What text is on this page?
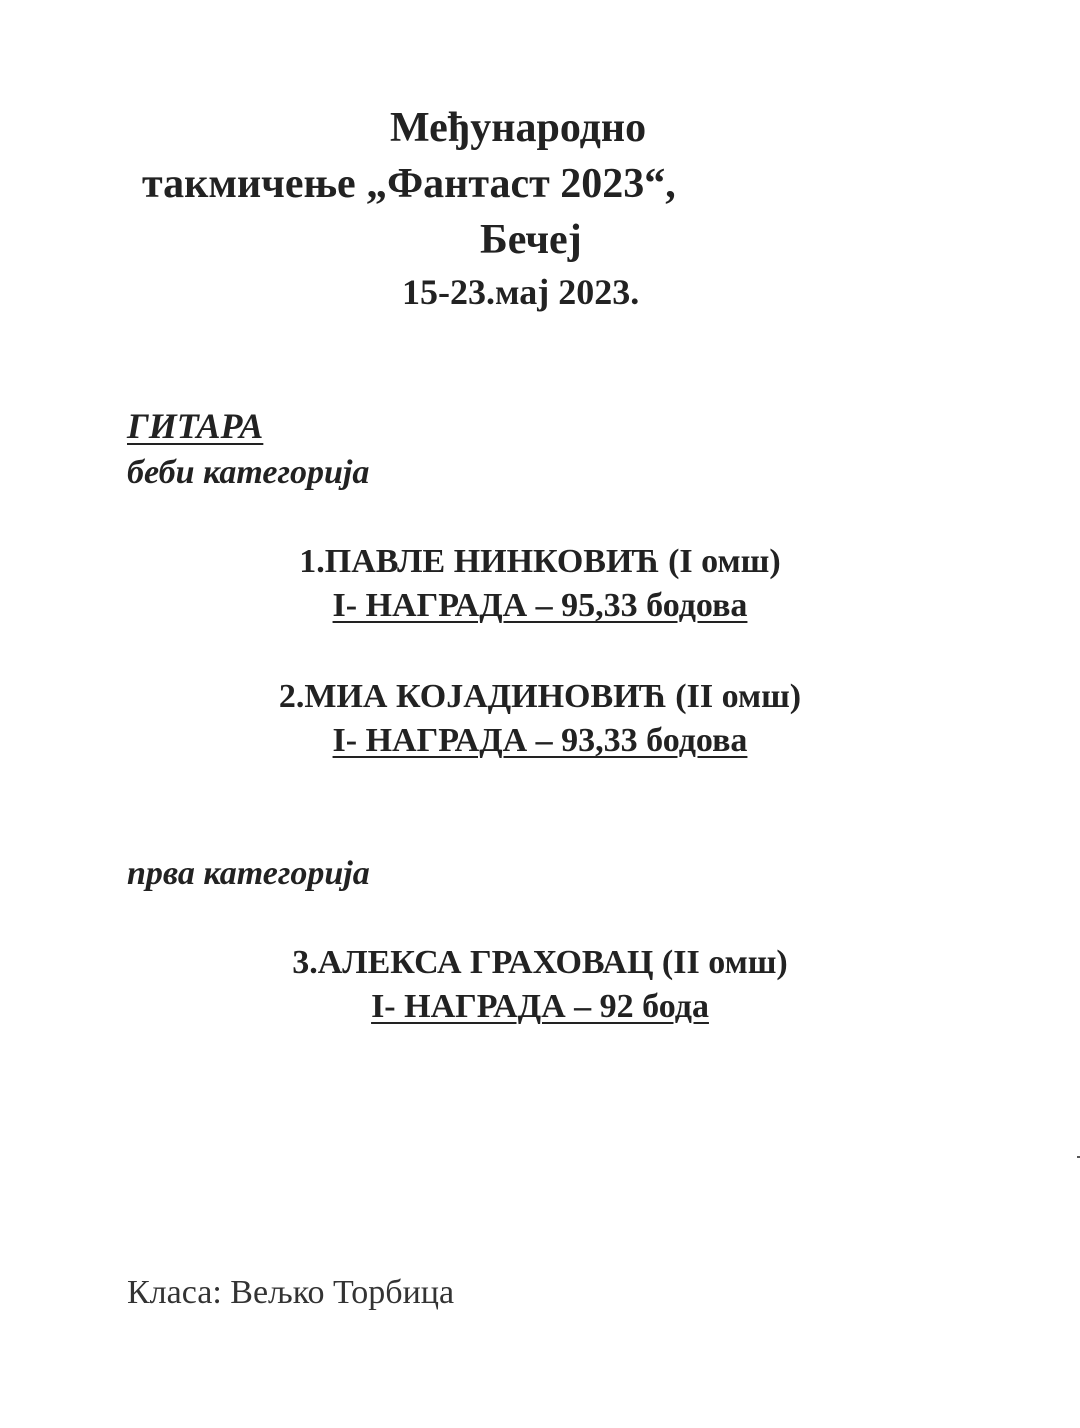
Међународно
такмичење „Фантаст 2023“,
Бечеј
15-23.мај 2023.
ГИТАРА
беби категорија
1.ПАВЛЕ НИНКОВИЋ (I омш)
I- НАГРАДА – 95,33 бодова
2.МИА КОЈАДИНОВИЋ (II омш)
I- НАГРАДА – 93,33 бодова
прва категорија
3.АЛЕКСА ГРАХОВАЦ (II омш)
I- НАГРАДА – 92 бода
Класа: Вељко Торбица
